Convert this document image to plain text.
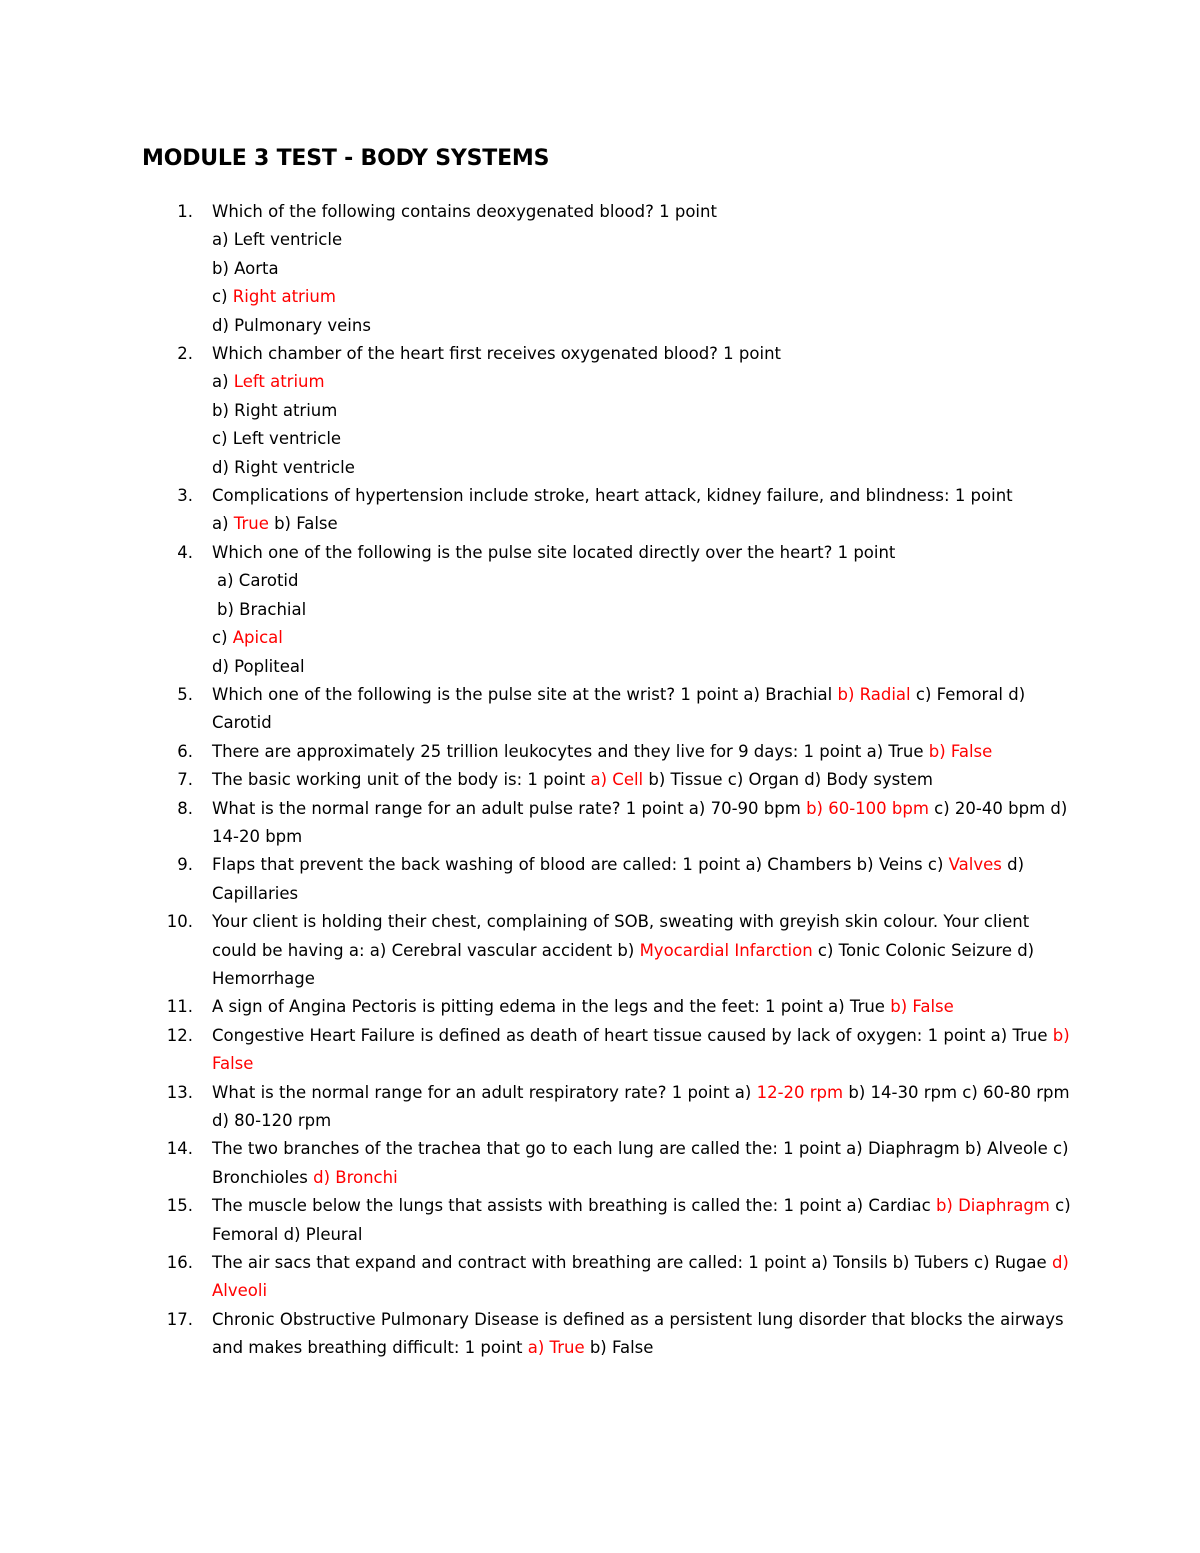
MODULE 3 TEST - BODY SYSTEMS
1. Which of the following contains deoxygenated blood? 1 point
a) Left ventricle
b) Aorta
c) Right atrium
d) Pulmonary veins
2. Which chamber of the heart first receives oxygenated blood? 1 point
a) Left atrium
b) Right atrium
c) Left ventricle
d) Right ventricle
3. Complications of hypertension include stroke, heart attack, kidney failure, and blindness: 1 point
a) True b) False
4. Which one of the following is the pulse site located directly over the heart? 1 point
a) Carotid
b) Brachial
c) Apical
d) Popliteal
5. Which one of the following is the pulse site at the wrist? 1 point a) Brachial b) Radial c) Femoral d) Carotid
6. There are approximately 25 trillion leukocytes and they live for 9 days: 1 point a) True b) False
7. The basic working unit of the body is: 1 point a) Cell b) Tissue c) Organ d) Body system
8. What is the normal range for an adult pulse rate? 1 point a) 70-90 bpm b) 60-100 bpm c) 20-40 bpm d) 14-20 bpm
9. Flaps that prevent the back washing of blood are called: 1 point a) Chambers b) Veins c) Valves d) Capillaries
10. Your client is holding their chest, complaining of SOB, sweating with greyish skin colour. Your client could be having a: a) Cerebral vascular accident b) Myocardial Infarction c) Tonic Colonic Seizure d) Hemorrhage
11. A sign of Angina Pectoris is pitting edema in the legs and the feet: 1 point a) True b) False
12. Congestive Heart Failure is defined as death of heart tissue caused by lack of oxygen: 1 point a) True b) False
13. What is the normal range for an adult respiratory rate? 1 point a) 12-20 rpm b) 14-30 rpm c) 60-80 rpm d) 80-120 rpm
14. The two branches of the trachea that go to each lung are called the: 1 point a) Diaphragm b) Alveole c) Bronchioles d) Bronchi
15. The muscle below the lungs that assists with breathing is called the: 1 point a) Cardiac b) Diaphragm c) Femoral d) Pleural
16. The air sacs that expand and contract with breathing are called: 1 point a) Tonsils b) Tubers c) Rugae d) Alveoli
17. Chronic Obstructive Pulmonary Disease is defined as a persistent lung disorder that blocks the airways and makes breathing difficult: 1 point a) True b) False
